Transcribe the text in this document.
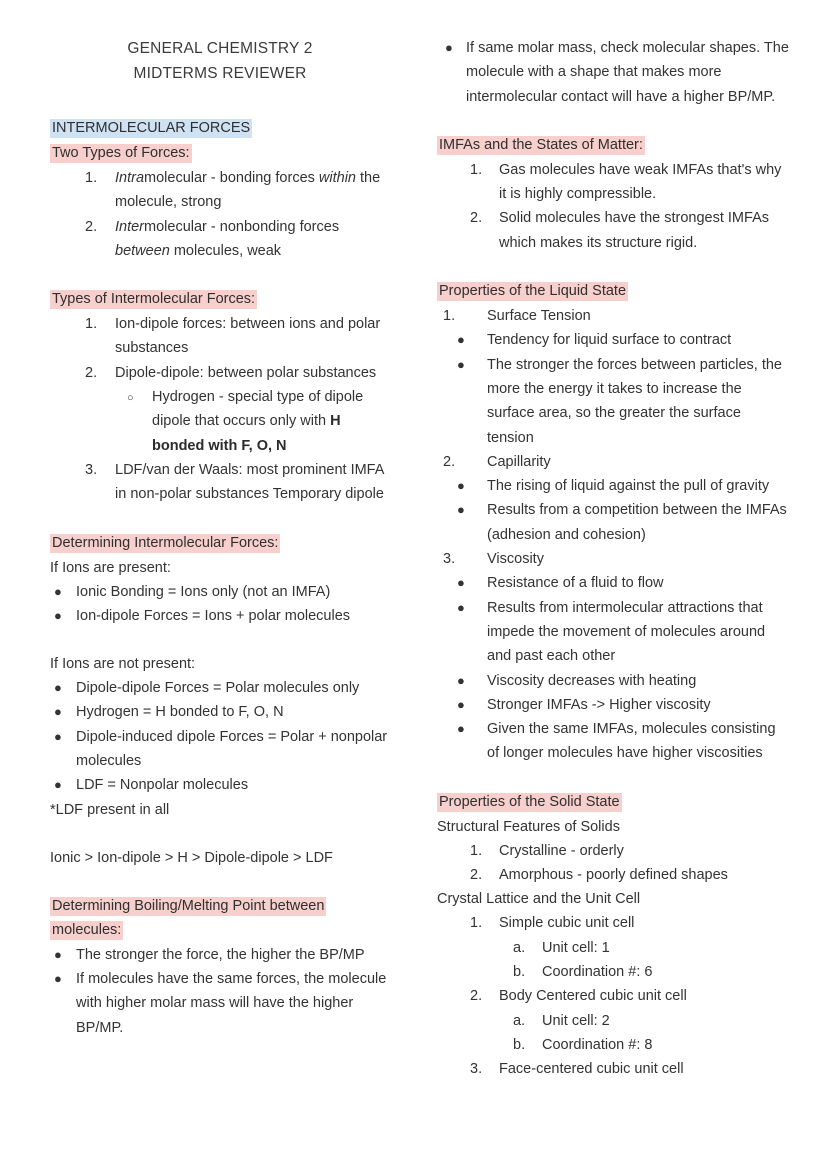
GENERAL CHEMISTRY 2
MIDTERMS REVIEWER
INTERMOLECULAR FORCES
Two Types of Forces:
1. Intramolecular - bonding forces within the molecule, strong
2. Intermolecular - nonbonding forces between molecules, weak
Types of Intermolecular Forces:
1. Ion-dipole forces: between ions and polar substances
2. Dipole-dipole: between polar substances
○ Hydrogen - special type of dipole dipole that occurs only with H bonded with F, O, N
3. LDF/van der Waals: most prominent IMFA in non-polar substances Temporary dipole
Determining Intermolecular Forces:
If Ions are present:
● Ionic Bonding = Ions only (not an IMFA)
● Ion-dipole Forces = Ions + polar molecules
If Ions are not present:
● Dipole-dipole Forces = Polar molecules only
● Hydrogen = H bonded to F, O, N
● Dipole-induced dipole Forces = Polar + nonpolar molecules
● LDF = Nonpolar molecules
*LDF present in all
Ionic > Ion-dipole > H > Dipole-dipole > LDF
Determining Boiling/Melting Point between molecules:
● The stronger the force, the higher the BP/MP
● If molecules have the same forces, the molecule with higher molar mass will have the higher BP/MP.
● If same molar mass, check molecular shapes. The molecule with a shape that makes more intermolecular contact will have a higher BP/MP.
IMFAs and the States of Matter:
1. Gas molecules have weak IMFAs that's why it is highly compressible.
2. Solid molecules have the strongest IMFAs which makes its structure rigid.
Properties of the Liquid State
1. Surface Tension
● Tendency for liquid surface to contract
● The stronger the forces between particles, the more the energy it takes to increase the surface area, so the greater the surface tension
2. Capillarity
● The rising of liquid against the pull of gravity
● Results from a competition between the IMFAs (adhesion and cohesion)
3. Viscosity
● Resistance of a fluid to flow
● Results from intermolecular attractions that impede the movement of molecules around and past each other
● Viscosity decreases with heating
● Stronger IMFAs -> Higher viscosity
● Given the same IMFAs, molecules consisting of longer molecules have higher viscosities
Properties of the Solid State
Structural Features of Solids
1. Crystalline - orderly
2. Amorphous - poorly defined shapes
Crystal Lattice and the Unit Cell
1. Simple cubic unit cell
a. Unit cell: 1
b. Coordination #: 6
2. Body Centered cubic unit cell
a. Unit cell: 2
b. Coordination #: 8
3. Face-centered cubic unit cell
